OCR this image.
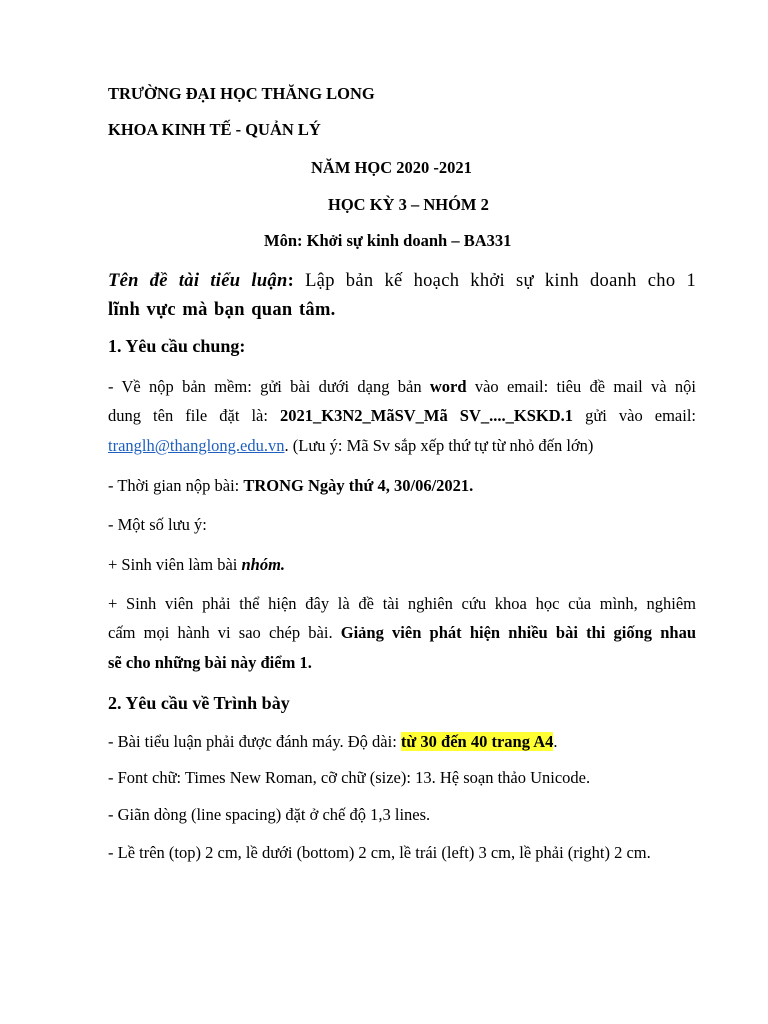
TRƯỜNG ĐẠI HỌC THĂNG LONG
KHOA KINH TẾ - QUẢN LÝ
NĂM HỌC 2020 -2021
HỌC KỲ 3 – NHÓM 2
Môn: Khởi sự kinh doanh – BA331
Tên đề tài tiểu luận: Lập bản kế hoạch khởi sự kinh doanh cho 1
lĩnh vực mà bạn quan tâm.
1. Yêu cầu chung:
- Về nộp bản mềm: gửi bài dưới dạng bản word vào email: tiêu đề mail và nội
dung tên file đặt là: 2021_K3N2_MãSV_Mã SV_...._KSKD.1 gửi vào email:
tranglh@thanglong.edu.vn. (Lưu ý: Mã Sv sắp xếp thứ tự từ nhỏ đến lớn)
- Thời gian nộp bài: TRONG Ngày thứ 4, 30/06/2021.
- Một số lưu ý:
+ Sinh viên làm bài nhóm.
+ Sinh viên phải thể hiện đây là đề tài nghiên cứu khoa học của mình, nghiêm
cấm mọi hành vi sao chép bài. Giảng viên phát hiện nhiều bài thi giống nhau
sẽ cho những bài này điểm 1.
2. Yêu cầu về Trình bày
- Bài tiểu luận phải được đánh máy. Độ dài: từ 30 đến 40 trang A4.
- Font chữ: Times New Roman, cỡ chữ (size): 13. Hệ soạn thảo Unicode.
- Giãn dòng (line spacing) đặt ở chế độ 1,3 lines.
- Lề trên (top) 2 cm, lề dưới (bottom) 2 cm, lề trái (left) 3 cm, lề phải (right) 2 cm.
